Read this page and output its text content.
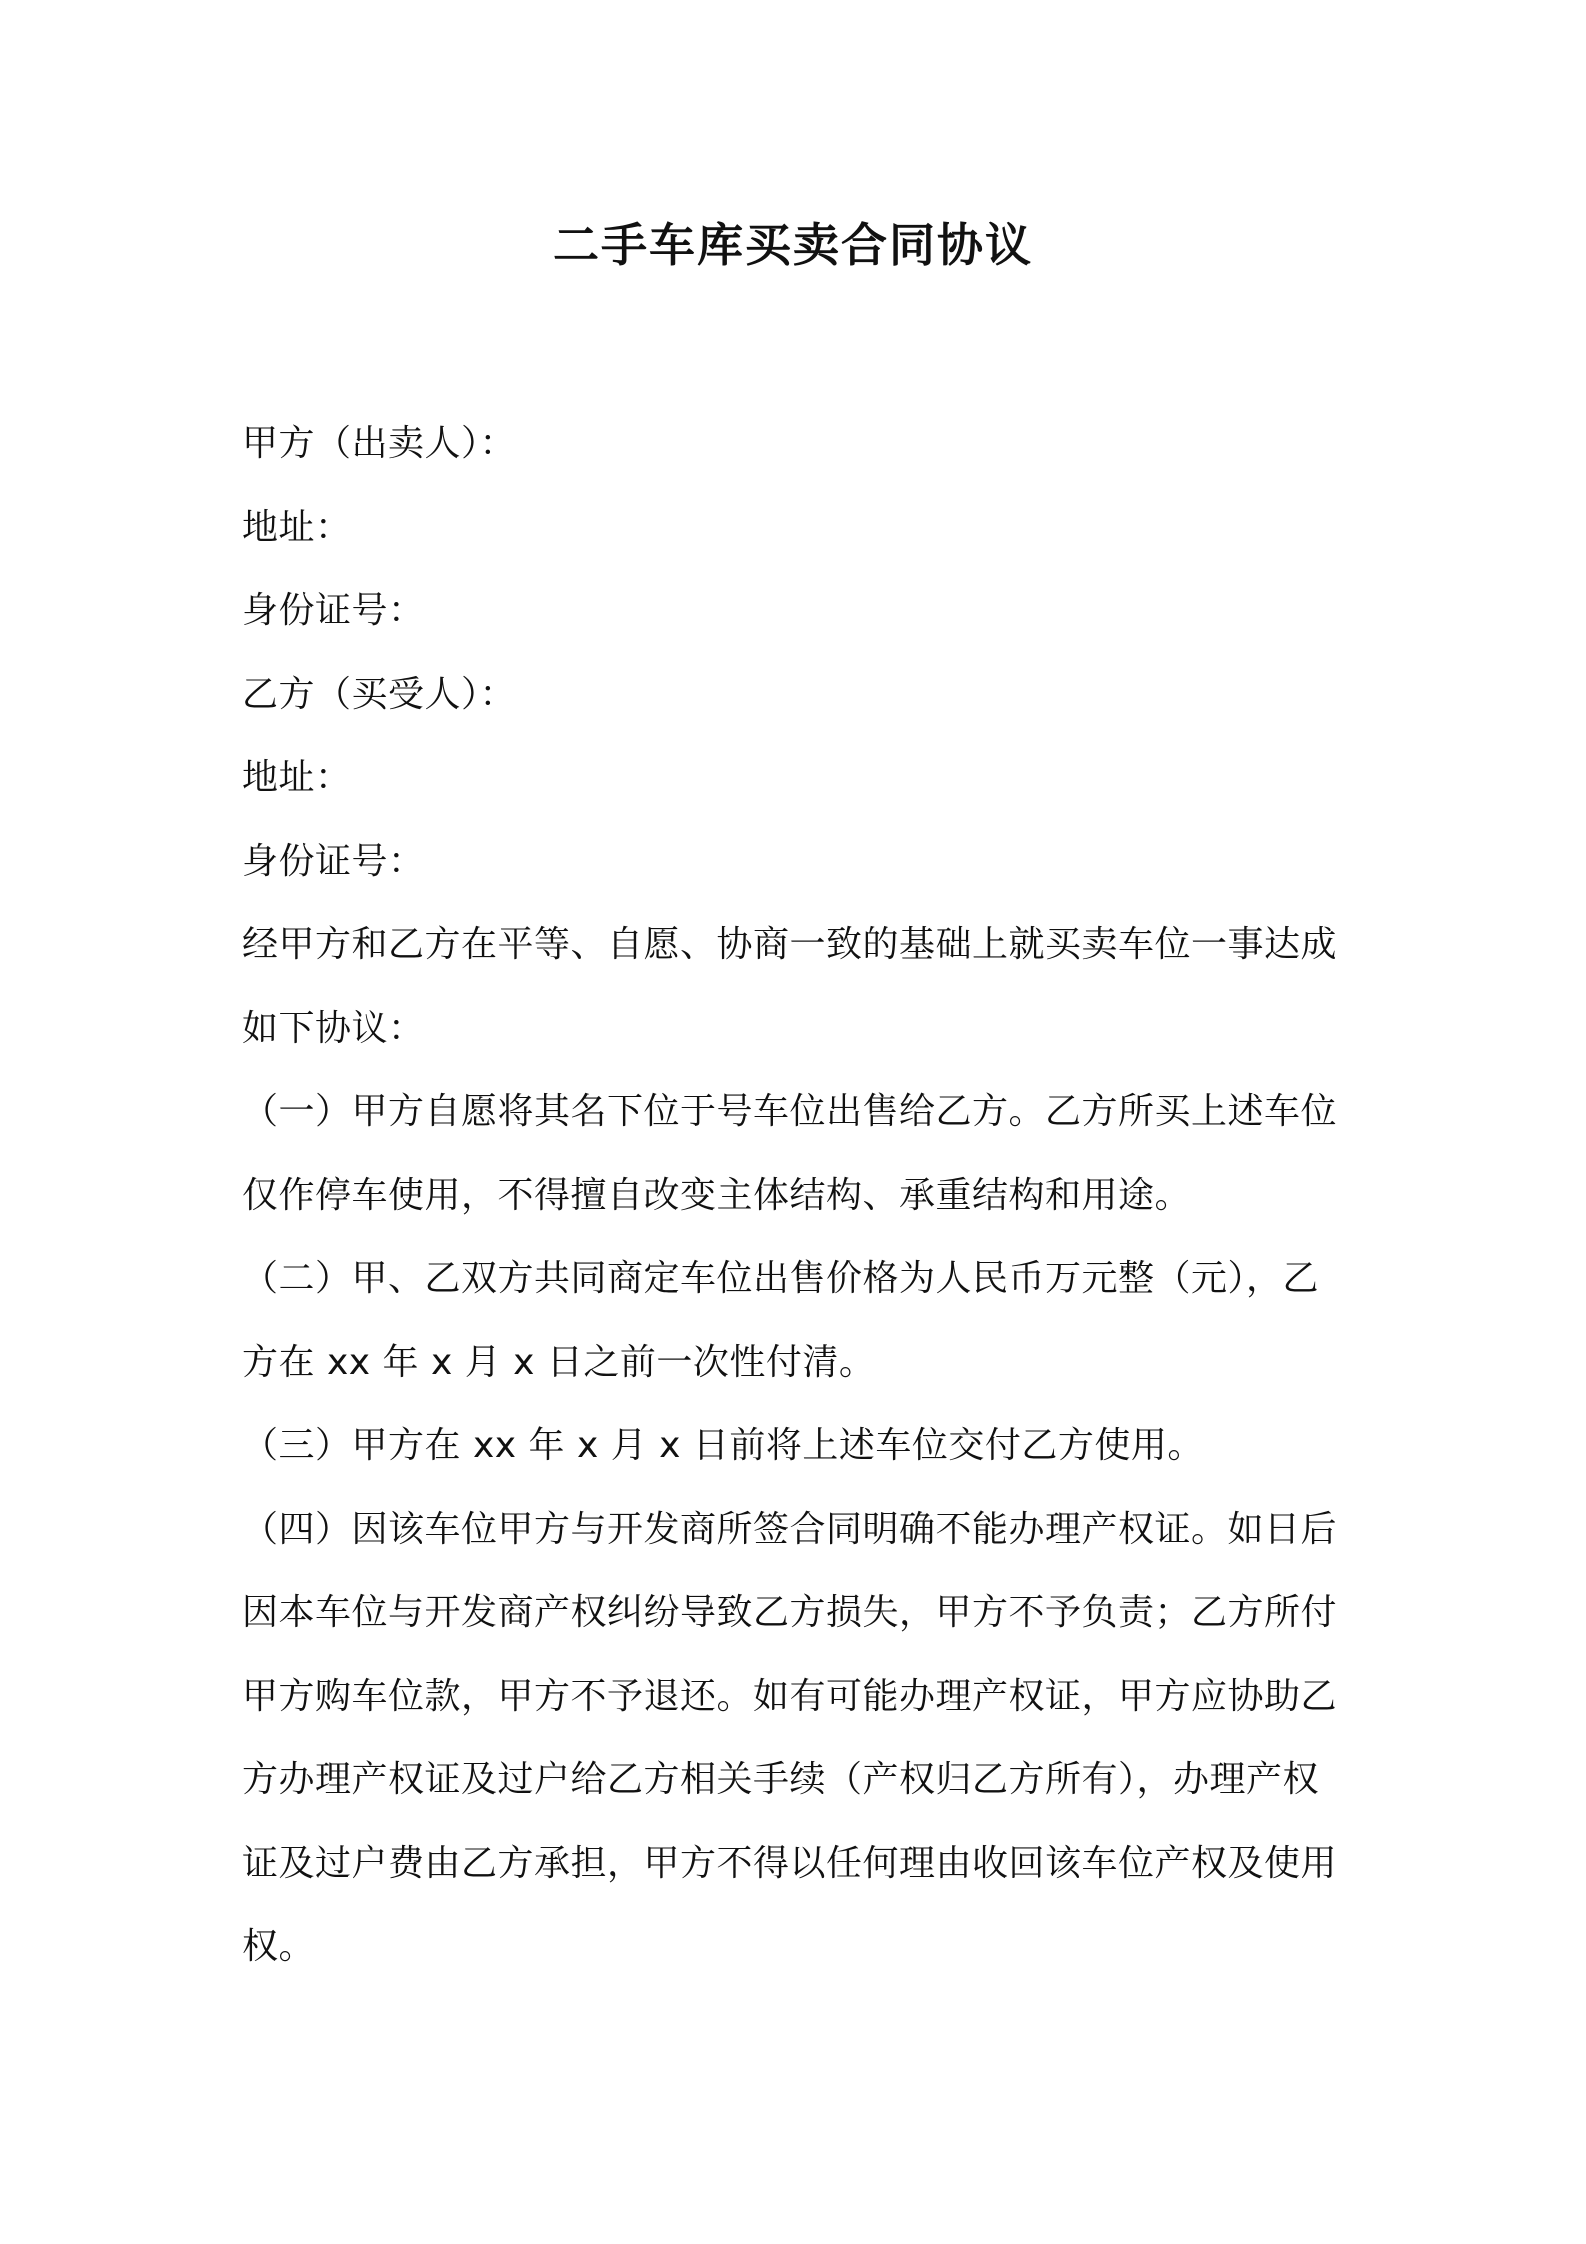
二手车库买卖合同协议

甲方（出卖人）：

地址：

身份证号：

乙方（买受人）：

地址：

身份证号：

经甲方和乙方在平等、自愿、协商一致的基础上就买卖车位一事达成

如下协议：

（一）甲方自愿将其名下位于号车位出售给乙方。乙方所买上述车位

仅作停车使用，不得擅自改变主体结构、承重结构和用途。

（二）甲、乙双方共同商定车位出售价格为人民币万元整（元），乙

方在 xx 年 x 月 x 日之前一次性付清。

（三）甲方在 xx 年 x 月 x 日前将上述车位交付乙方使用。

（四）因该车位甲方与开发商所签合同明确不能办理产权证。如日后

因本车位与开发商产权纠纷导致乙方损失，甲方不予负责；乙方所付

甲方购车位款，甲方不予退还。如有可能办理产权证，甲方应协助乙

方办理产权证及过户给乙方相关手续（产权归乙方所有），办理产权

证及过户费由乙方承担，甲方不得以任何理由收回该车位产权及使用

权。
